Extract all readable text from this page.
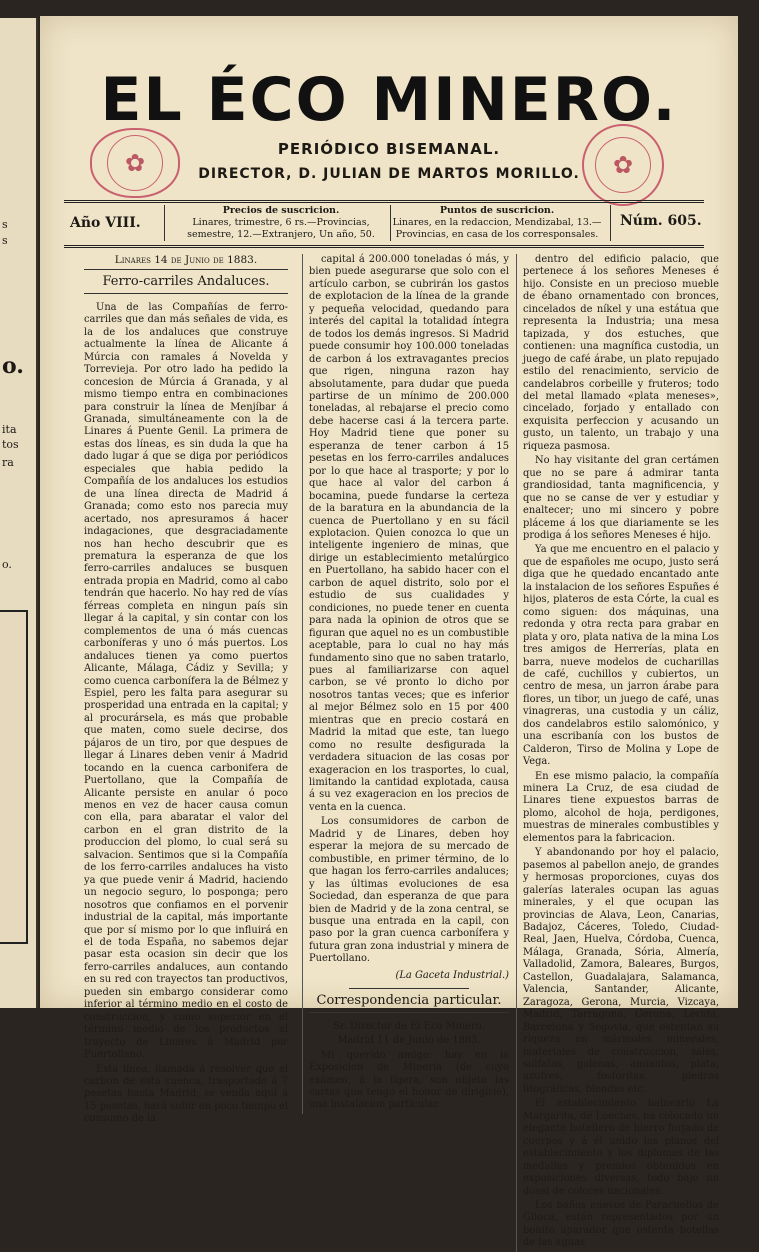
s
s
o.
ita
tos
ra
o.
EL ÉCO MINERO.
PERIÓDICO BISEMANAL.
DIRECTOR, D. JULIAN DE MARTOS MORILLO.
✿	✿
Año VIII.
Precios de suscricion.
Linares, trimestre, 6 rs.—Provincias, semestre, 12.—Extranjero, Un año, 50.
Puntos de suscricion.
Linares, en la redaccion, Mendizabal, 13.—Provincias, en casa de los corresponsales.
Núm. 605.
Linares 14 de Junio de 1883.
Ferro-carriles Andaluces.

Una de las Compañías de ferro-carriles que dan más señales de vida, es la de los andaluces que construye actualmente la línea de Alicante á Múrcia con ramales á Novelda y Torrevieja. Por otro lado ha pedido la concesion de Múrcia á Granada, y al mismo tiempo entra en combinaciones para construir la línea de Menjíbar á Granada, simultáneamente con la de Linares á Puente Genil. La primera de estas dos líneas, es sin duda la que ha dado lugar á que se diga por periódicos especiales que habia pedido la Compañía de los andaluces los estudios de una línea directa de Madrid á Granada; como esto nos parecia muy acertado, nos apresuramos á hacer indagaciones, que desgraciadamente nos han hecho descubrir que es prematura la esperanza de que los ferro-carriles andaluces se busquen entrada propia en Madrid, como al cabo tendrán que hacerlo. No hay red de vías férreas completa en ningun país sin llegar á la capital, y sin contar con los complementos de una ó más cuencas carboníferas y uno ó más puertos. Los andaluces tienen ya como puertos Alicante, Málaga, Cádiz y Sevilla; y como cuenca carbonífera la de Bélmez y Espiel, pero les falta para asegurar su prosperidad una entrada en la capital; y al procurársela, es más que probable que maten, como suele decirse, dos pájaros de un tiro, por que despues de llegar á Linares deben venir á Madrid tocando en la cuenca carbonifera de Puertollano, que la Compañía de Alicante persiste en anular ó poco menos en vez de hacer causa comun con ella, para abaratar el valor del carbon en el gran distrito de la produccion del plomo, lo cual será su salvacion. Sentimos que si la Compañía de los ferro-carriles andaluces ha visto ya que puede venir á Madrid, haciendo un negocio seguro, lo posponga; pero nosotros que confiamos en el porvenir industrial de la capital, más importante que por sí mismo por lo que influirá en el de toda España, no sabemos dejar pasar esta ocasion sin decir que los ferro-carriles andaluces, aun contando en su red con trayectos tan productivos, pueden sin embargo considerar como inferior al término medio en el costo de construccion, y como superior en el término medio de los productos al trayecto de Linares á Madrid por Puertollano.

Esta línea, llamada á resolver que el carbon de esta cuenca, trasportado á 7 pesetas hasta Madrid, se venda aquí á 15 pesetas, hará subir en poco tiempo el consumo de la

capital á 200.000 toneladas ó más, y bien puede asegurarse que solo con el artículo carbon, se cubrirán los gastos de explotacion de la línea de la grande y pequeña velocidad, quedando para interés del capital la totalidad íntegra de todos los demás ingresos. Si Madrid puede consumir hoy 100.000 toneladas de carbon á los extravagantes precios que rigen, ninguna razon hay absolutamente, para dudar que pueda partirse de un mínimo de 200.000 toneladas, al rebajarse el precio como debe hacerse casi á la tercera parte. Hoy Madrid tiene que poner su esperanza de tener carbon á 15 pesetas en los ferro-carriles andaluces por lo que hace al trasporte; y por lo que hace al valor del carbon á bocamina, puede fundarse la certeza de la baratura en la abundancia de la cuenca de Puertollano y en su fácil explotacion. Quien conozca lo que un inteligente ingeniero de minas, que dirige un establecimiento metalúrgico en Puertollano, ha sabido hacer con el carbon de aquel distrito, solo por el estudio de sus cualidades y condiciones, no puede tener en cuenta para nada la opinion de otros que se figuran que aquel no es un combustible aceptable, para lo cual no hay más fundamento sino que no saben tratarlo, pues al familiarizarse con aquel carbon, se vé pronto lo dicho por nosotros tantas veces; que es inferior al mejor Bélmez solo en 15 por 400 mientras que en precio costará en Madrid la mitad que este, tan luego como no resulte desfigurada la verdadera situacion de las cosas por exageracion en los trasportes, lo cual, limitando la cantidad explotada, causa á su vez exageracion en los precios de venta en la cuenca.

Los consumidores de carbon de Madrid y de Linares, deben hoy esperar la mejora de su mercado de combustible, en primer término, de lo que hagan los ferro-carriles andaluces; y las últimas evoluciones de esa Sociedad, dan esperanza de que para bien de Madrid y de la zona central, se busque una entrada en la capil, con paso por la gran cuenca carbonífera y futura gran zona industrial y minera de Puertollano.

(La Gaceta Industrial.)
Correspondencia particular.
Sr. Director de El Eco Minero.
Madrid 11 de Junio de 1883.

Mi querido amigo: hay en la Exposicion de Minería (de cuyo exámen, á la ligera, son objeto las cartas que tengo el honor de dirigirle), una instalacion particular

dentro del edificio palacio, que pertenece á los señores Meneses é hijo. Consiste en un precioso mueble de ébano ornamentado con bronces, cincelados de níkel y una estátua que representa la Industria; una mesa tapizada, y dos estuches, que contienen: una magnífica custodia, un juego de café árabe, un plato repujado estilo del renacimiento, servicio de candelabros corbeille y fruteros; todo del metal llamado «plata meneses», cincelado, forjado y entallado con exquisita perfeccion y acusando un gusto, un talento, un trabajo y una riqueza pasmosa.

No hay visitante del gran certámen que no se pare á admirar tanta grandiosidad, tanta magnificencia, y que no se canse de ver y estudiar y enaltecer; uno mi sincero y pobre pláceme á los que diariamente se les prodiga á los señores Meneses é hijo.

Ya que me encuentro en el palacio y que de españoles me ocupo, justo será diga que he quedado encantado ante la instalacion de los señores Espuñes é hijos, plateros de esta Córte, la cual es como siguen: dos máquinas, una redonda y otra recta para grabar en plata y oro, plata nativa de la mina Los tres amigos de Herrerías, plata en barra, nueve modelos de cucharillas de café, cuchillos y cubiertos, un centro de mesa, un jarron árabe para flores, un tibor, un juego de café, unas vinagreras, una custodia y un cáliz, dos candelabros estilo salomónico, y una escribanía con los bustos de Calderon, Tirso de Molina y Lope de Vega.

En ese mismo palacio, la compañía minera La Cruz, de esa ciudad de Linares tiene expuestos barras de plomo, alcohol de hoja, perdigones, muestras de minerales combustibles y elementos para la fabricacion.

Y abandonando por hoy el palacio, pasemos al pabellon anejo, de grandes y hermosas proporciones, cuyas dos galerías laterales ocupan las aguas minerales, y el que ocupan las provincias de Alava, Leon, Canarias, Badajoz, Cáceres, Toledo, Ciudad-Real, Jaen, Huelva, Córdoba, Cuenca, Málaga, Granada, Sória, Almería, Valladolid, Zamora, Baleares, Burgos, Castellon, Guadalajara, Salamanca, Valencia, Santander, Alicante, Zaragoza, Gerona, Murcia, Vizcaya, Madrid, Tarragona, Gerona, Lérida, Barcelona y Segovia, que ostentan su riqueza en mármoles minerales, materiales de construccion, sales, sulfatos, galenas, amiantos, plata, azufres, fosforitas, piedras litográficas, blendas etc.

El establecimiento balneario La Margarita, de Loeches, ha colocado un elegante botellero de hierro forjado de cuerpos y á él unido los planos del establecimiento y los diplomas de las medallas y premios obtenidos en exposiciones diversas, todo bajo un dosel de colores nacionales.

Los baños nuevos de Paracuellos de Giloca, están representados por un bonito aparador que ostenta botellas de las aguas
